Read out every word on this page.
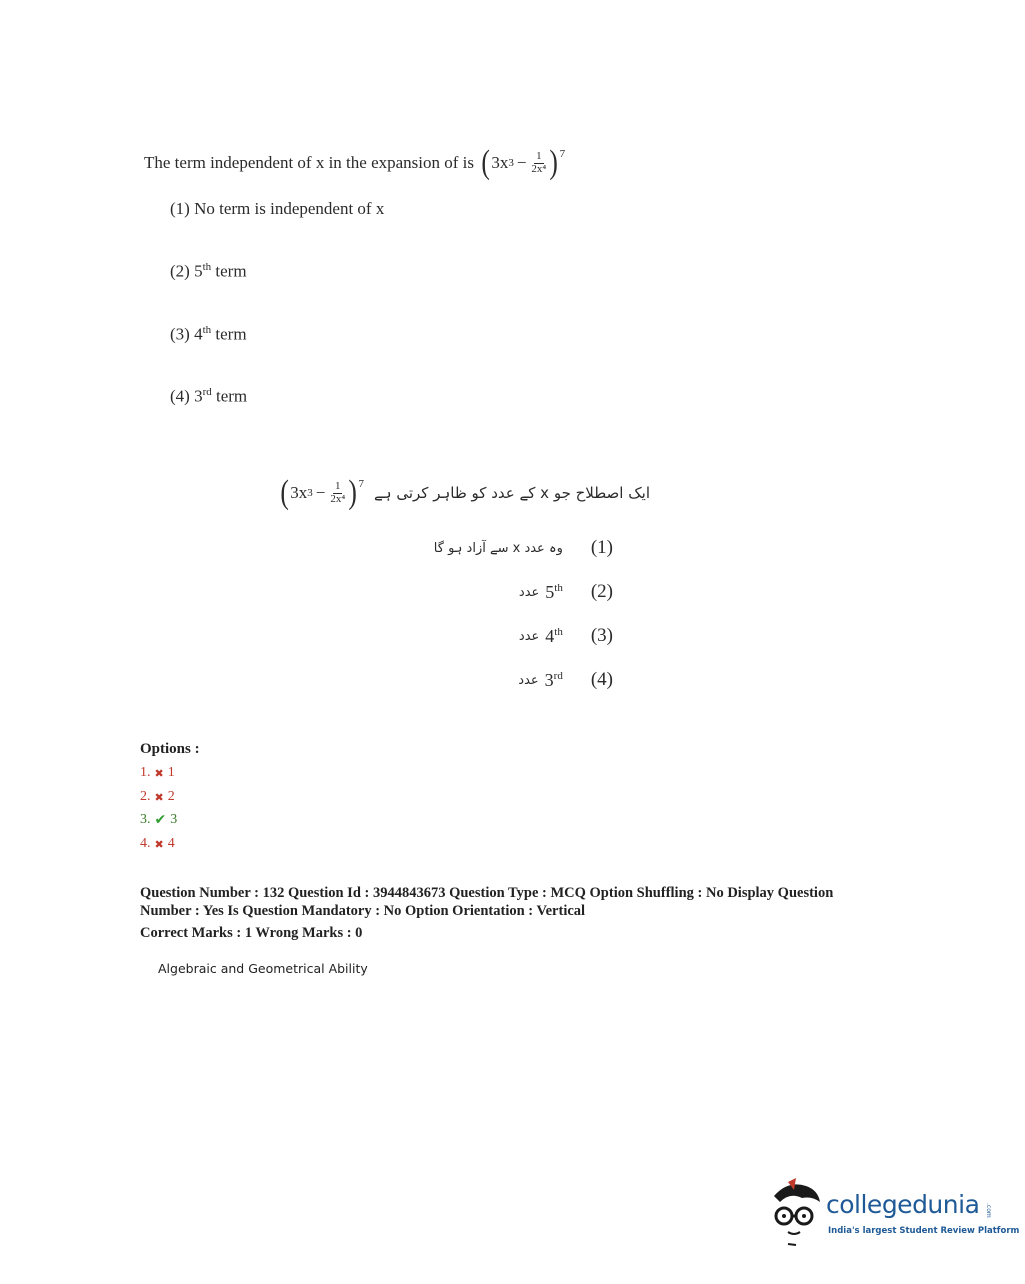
The term independent of x in the expansion of is ( 3x $3 - \frac{1}{\text{2x⁴}}$ ) 7
(1) No term is independent of x
(2) 5th term
(3) 4th term
(4) 3rd term
( 3x $3 - \frac{1}{\text{2x⁴}}$ ) 7 ایک اصطلاح جو x کے عدد کو ظاہر کرتی ہے
وہ عدد x سے آزاد ہو گا (1)
عدد 5th (2)
عدد 4th (3)
عدد 3rd (4)
Options :
1. ✖ 1
2. ✖ 2
3. ✔ 3
4. ✖ 4
Question Number : 132 Question Id : 3944843673 Question Type : MCQ Option Shuffling : No Display Question
Number : Yes Is Question Mandatory : No Option Orientation : Vertical
Correct Marks : 1 Wrong Marks : 0
Algebraic and Geometrical Ability
collegedunia .com
India's largest Student Review Platform
